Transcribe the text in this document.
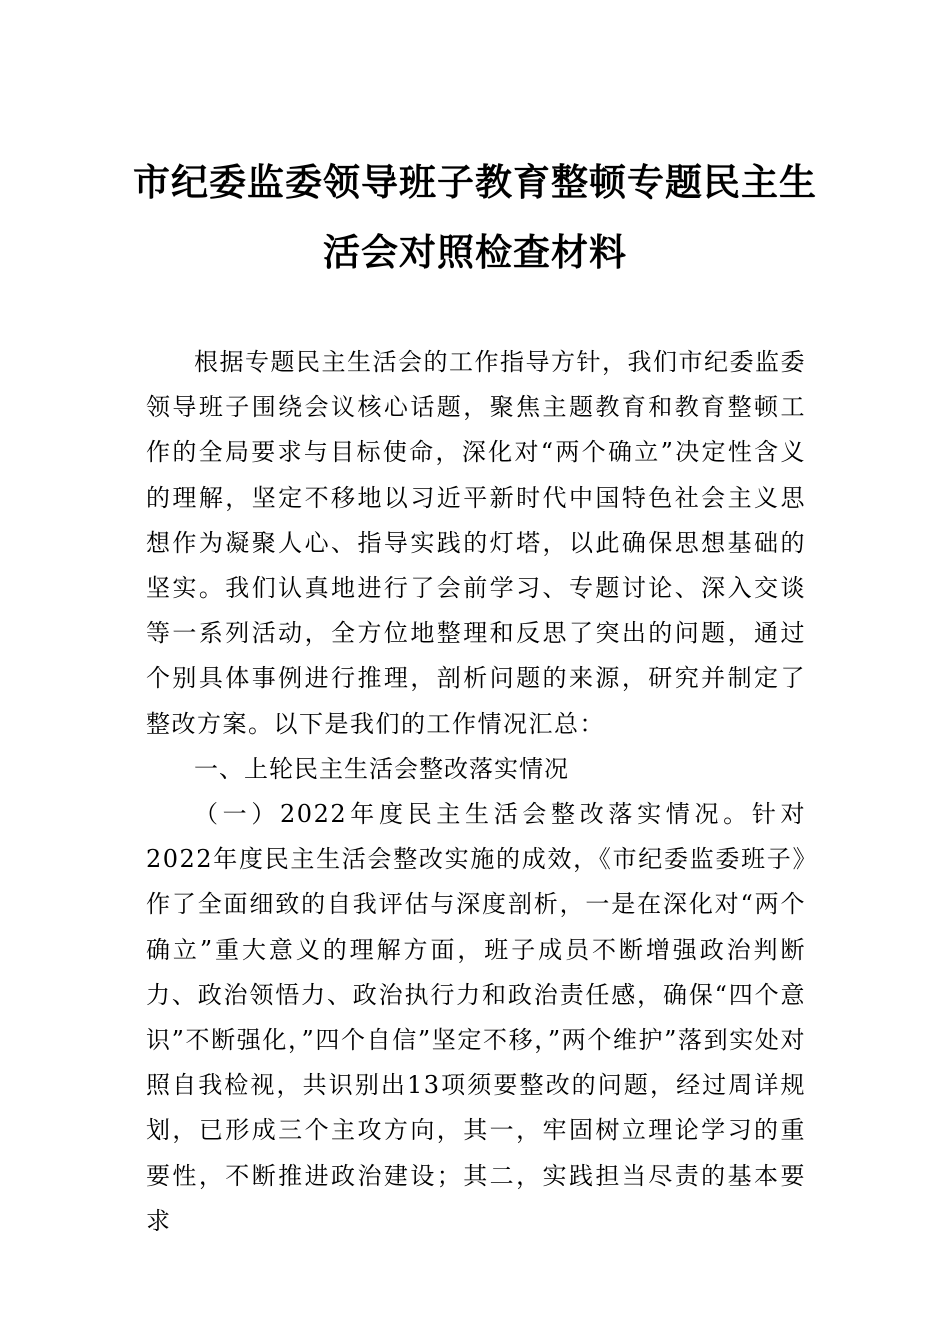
市纪委监委领导班子教育整顿专题民主生
活会对照检查材料

根据专题民主生活会的工作指导方针，我们市纪委监委领导班子围绕会议核心话题，聚焦主题教育和教育整顿工作的全局要求与目标使命，深化对“两个确立”决定性含义的理解，坚定不移地以习近平新时代中国特色社会主义思想作为凝聚人心、指导实践的灯塔，以此确保思想基础的坚实。我们认真地进行了会前学习、专题讨论、深入交谈等一系列活动，全方位地整理和反思了突出的问题，通过个别具体事例进行推理，剖析问题的来源，研究并制定了整改方案。以下是我们的工作情况汇总：

一、上轮民主生活会整改落实情况

（一）2022年度民主生活会整改落实情况。针对2022年度民主生活会整改实施的成效，《市纪委监委班子》作了全面细致的自我评估与深度剖析，一是在深化对“两个确立”重大意义的理解方面，班子成员不断增强政治判断力、政治领悟力、政治执行力和政治责任感，确保“四个意识”不断强化，”四个自信”坚定不移，”两个维护”落到实处对照自我检视，共识别出13项须要整改的问题，经过周详规划，已形成三个主攻方向，其一，牢固树立理论学习的重要性，不断推进政治建设；其二，实践担当尽责的基本要求
